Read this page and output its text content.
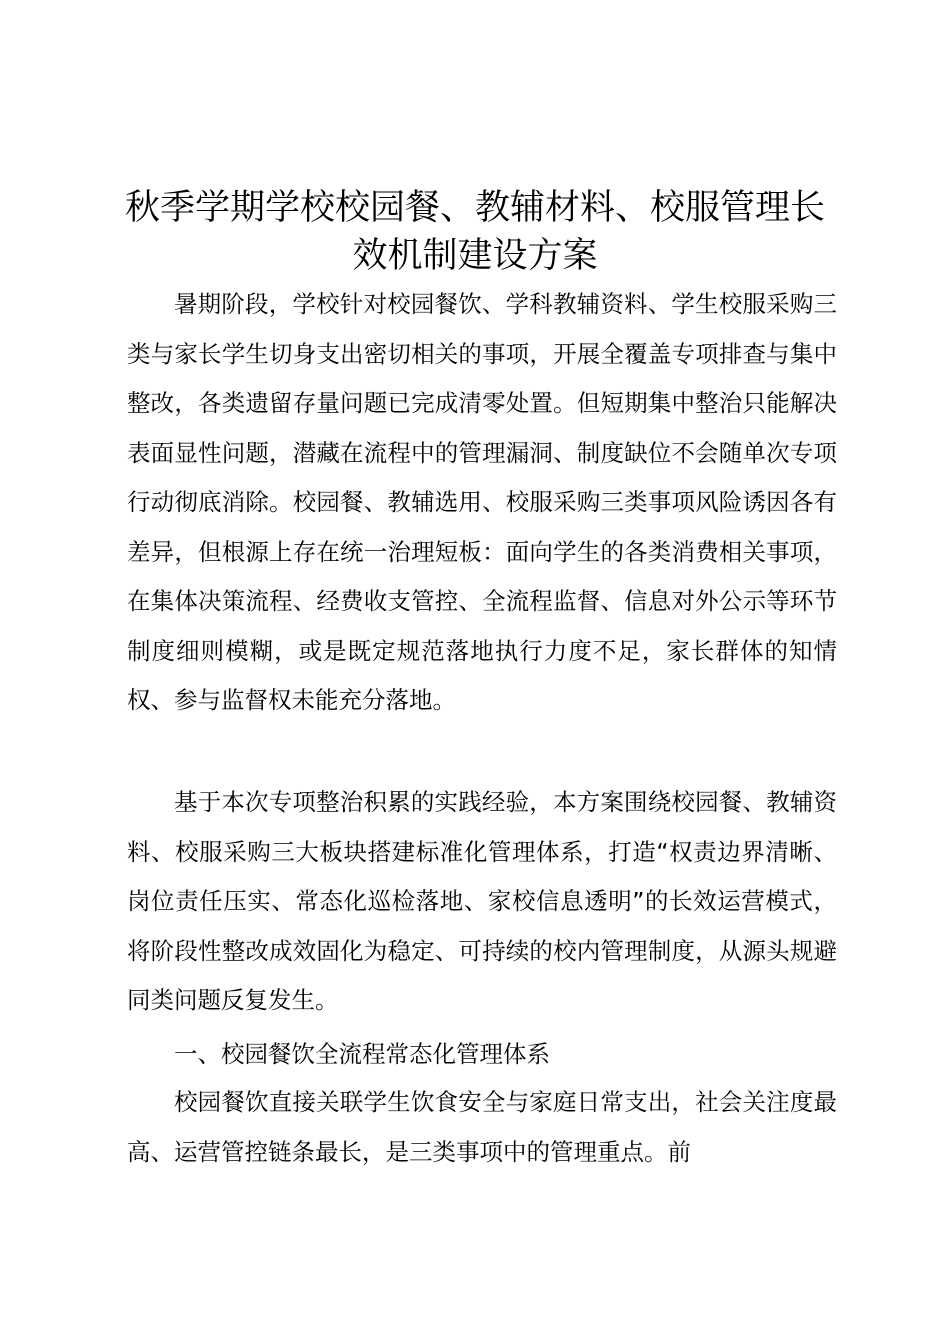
秋季学期学校校园餐、教辅材料、校服管理长
效机制建设方案

暑期阶段，学校针对校园餐饮、学科教辅资料、学生校服采购三类与家长学生切身支出密切相关的事项，开展全覆盖专项排查与集中整改，各类遗留存量问题已完成清零处置。但短期集中整治只能解决表面显性问题，潜藏在流程中的管理漏洞、制度缺位不会随单次专项行动彻底消除。校园餐、教辅选用、校服采购三类事项风险诱因各有差异，但根源上存在统一治理短板：面向学生的各类消费相关事项，在集体决策流程、经费收支管控、全流程监督、信息对外公示等环节制度细则模糊，或是既定规范落地执行力度不足，家长群体的知情权、参与监督权未能充分落地。

基于本次专项整治积累的实践经验，本方案围绕校园餐、教辅资料、校服采购三大板块搭建标准化管理体系，打造“权责边界清晰、岗位责任压实、常态化巡检落地、家校信息透明”的长效运营模式，将阶段性整改成效固化为稳定、可持续的校内管理制度，从源头规避同类问题反复发生。

一、校园餐饮全流程常态化管理体系

校园餐饮直接关联学生饮食安全与家庭日常支出，社会关注度最高、运营管控链条最长，是三类事项中的管理重点。前
